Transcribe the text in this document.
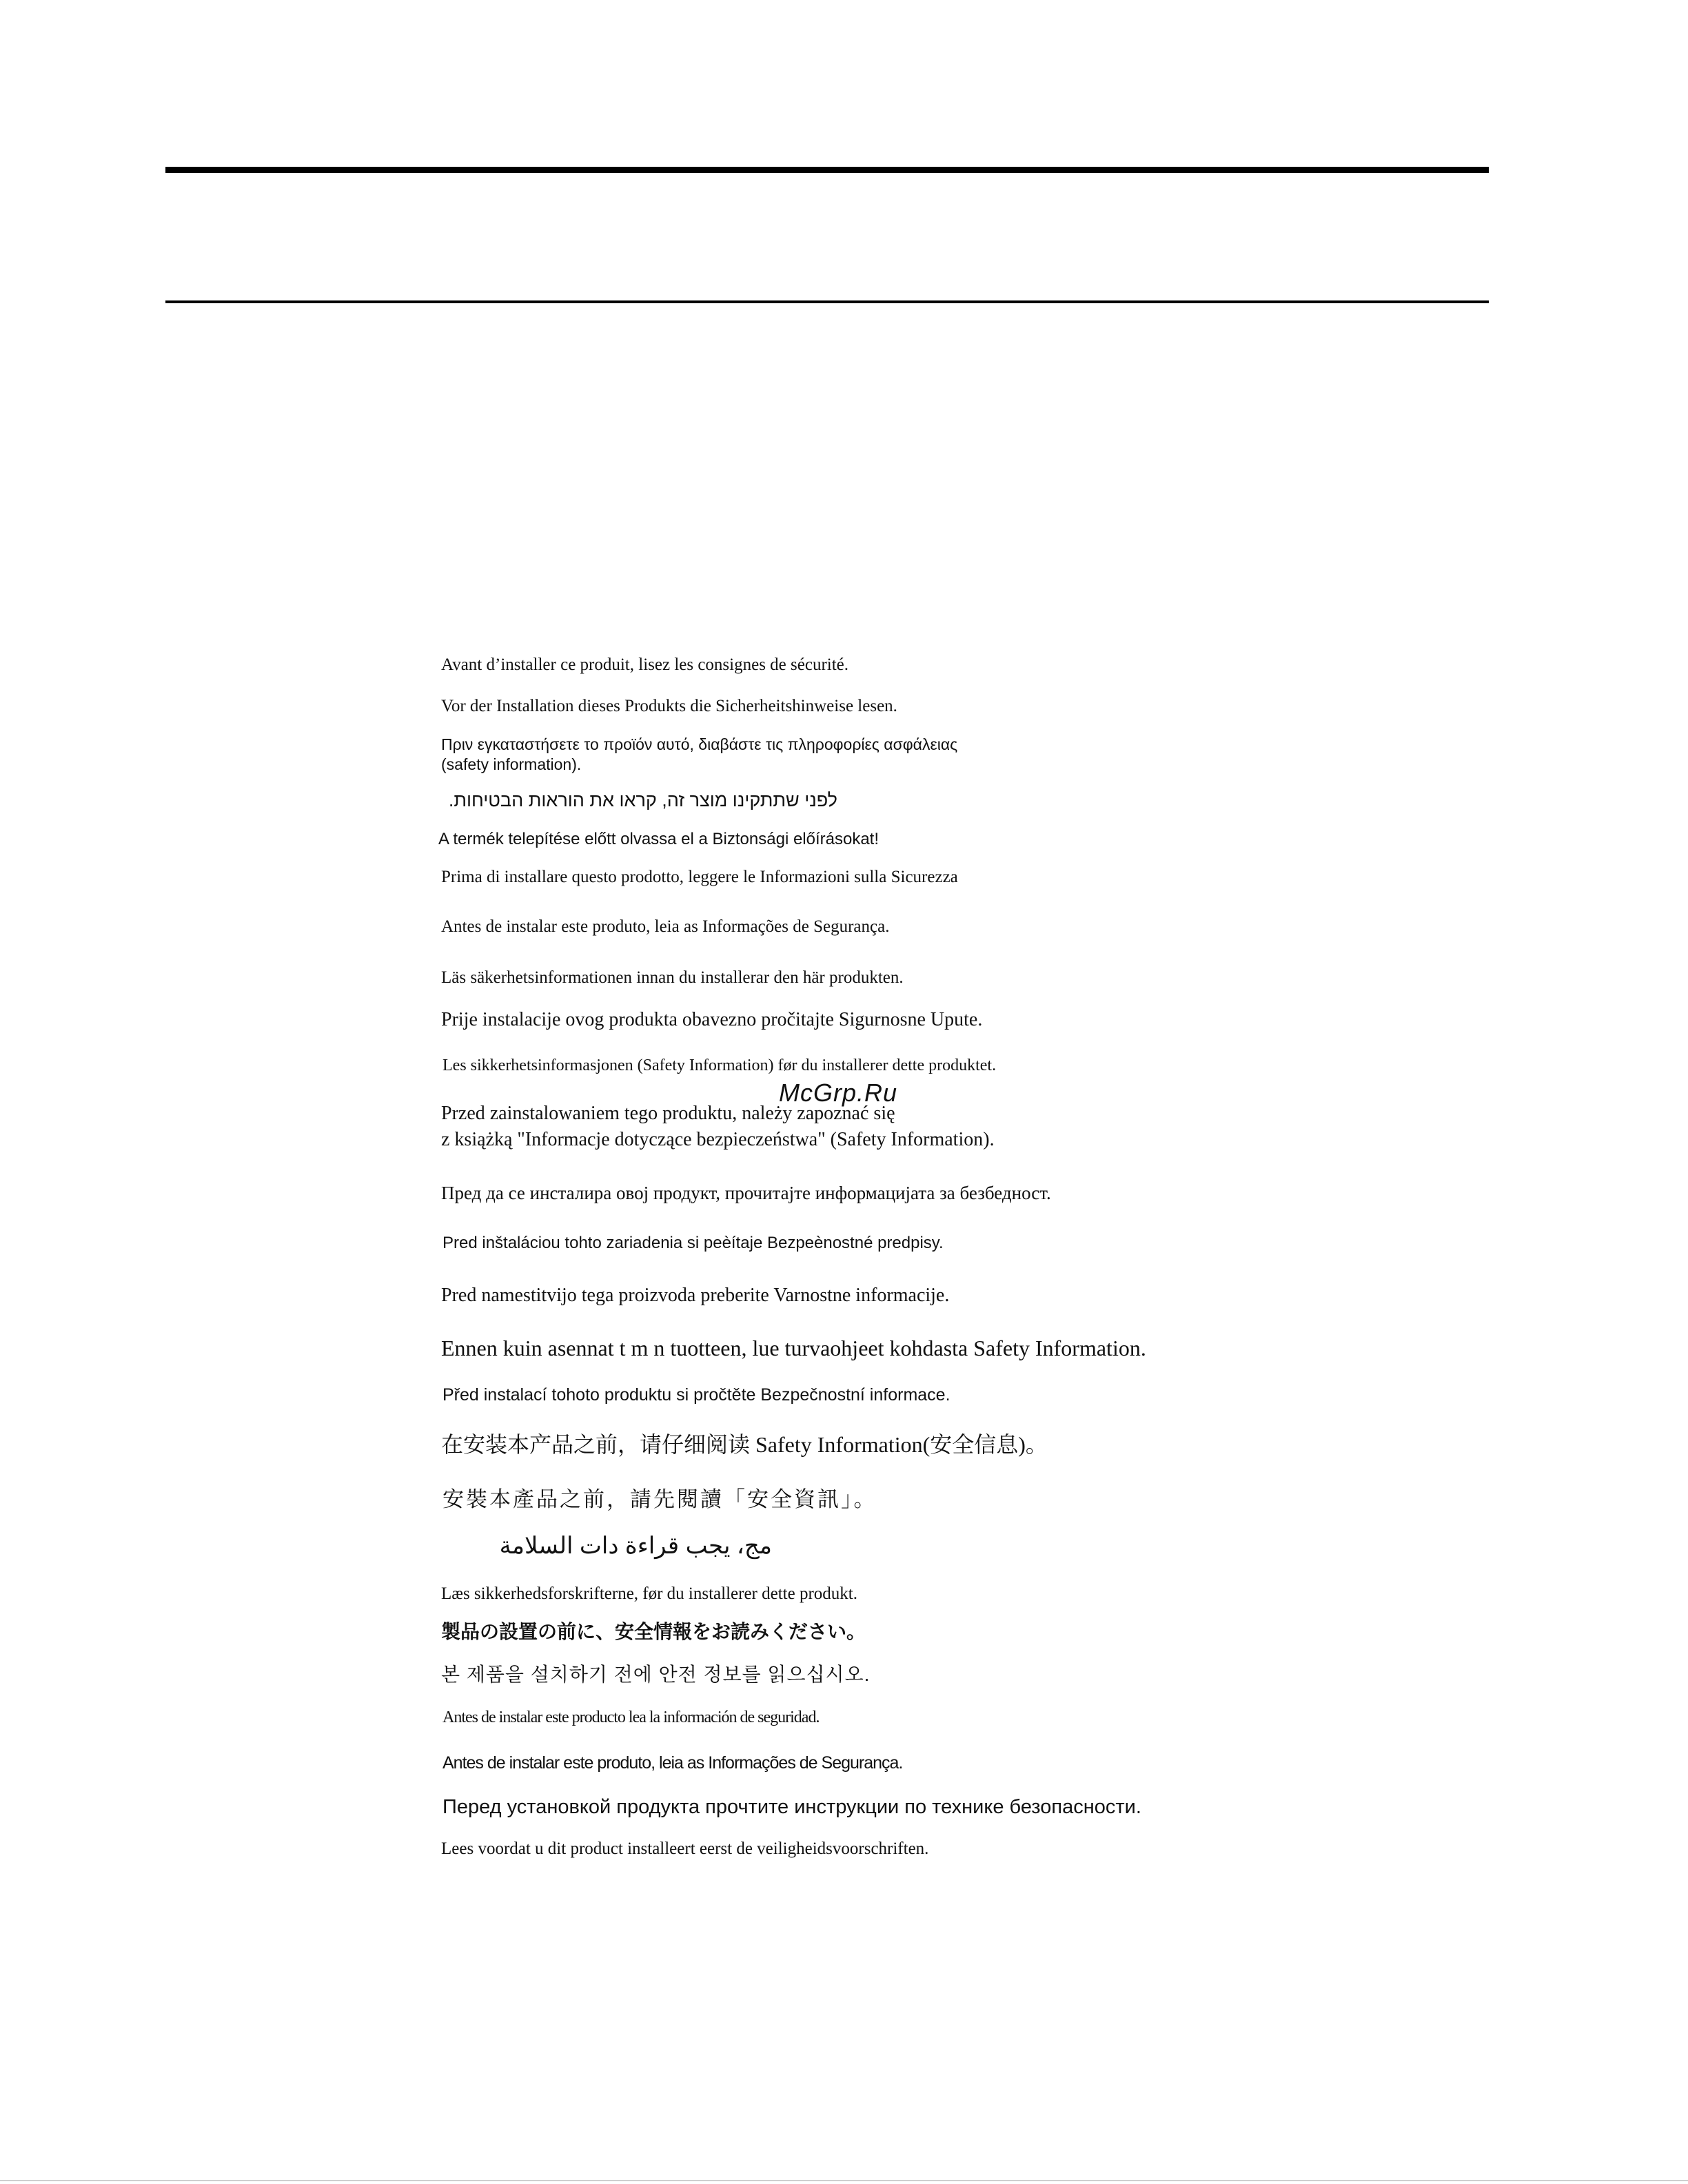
Avant d’installer ce produit, lisez les consignes de sécurité.
Vor der Installation dieses Produkts die Sicherheitshinweise lesen.
Πριν εγκαταστήσετε το προϊόν αυτό, διαβάστε τις πληροφορίες ασφάλειας (safety information).
לפני שתתקינו מוצר זה, קראו את הוראות הבטיחות.
A termék telepítése előtt olvassa el a Biztonsági előírásokat!
Prima di installare questo prodotto, leggere le Informazioni sulla Sicurezza
Antes de instalar este produto, leia as Informações de Segurança.
Läs säkerhetsinformationen innan du installerar den här produkten.
Prije instalacije ovog produkta obavezno pročitajte Sigurnosne Upute.
Les sikkerhetsinformasjonen (Safety Information) før du installerer dette produktet.
Przed zainstalowaniem tego produktu, należy zapoznać się
z książką "Informacje dotyczące bezpieczeństwa" (Safety Information).
Пред да се инсталира овој продукт, прочитајте информацијата за безбедност.
Pred inštaláciou tohto zariadenia si peèítaje Bezpeènostné predpisy.
Pred namestitvijo tega proizvoda preberite Varnostne informacije.
Ennen kuin asennat t m n tuotteen, lue turvaohjeet kohdasta Safety Information.
Před instalací tohoto produktu si pročtěte Bezpečnostní informace.
在安装本产品之前，请仔细阅读 Safety Information(安全信息)。
安裝本產品之前，請先閱讀「安全資訊」。
مج، يجب قراءة دات السلامة
Læs sikkerhedsforskrifterne, før du installerer dette produkt.
製品の設置の前に、安全情報をお読みください。
본 제품을 설치하기 전에 안전 정보를 읽으십시오.
Antes de instalar este producto lea la información de seguridad.
Antes de instalar este produto, leia as Informações de Segurança.
Перед установкой продукта прочтите инструкции по технике безопасности.
Lees voordat u dit product installeert eerst de veiligheidsvoorschriften.
McGrp.Ru
